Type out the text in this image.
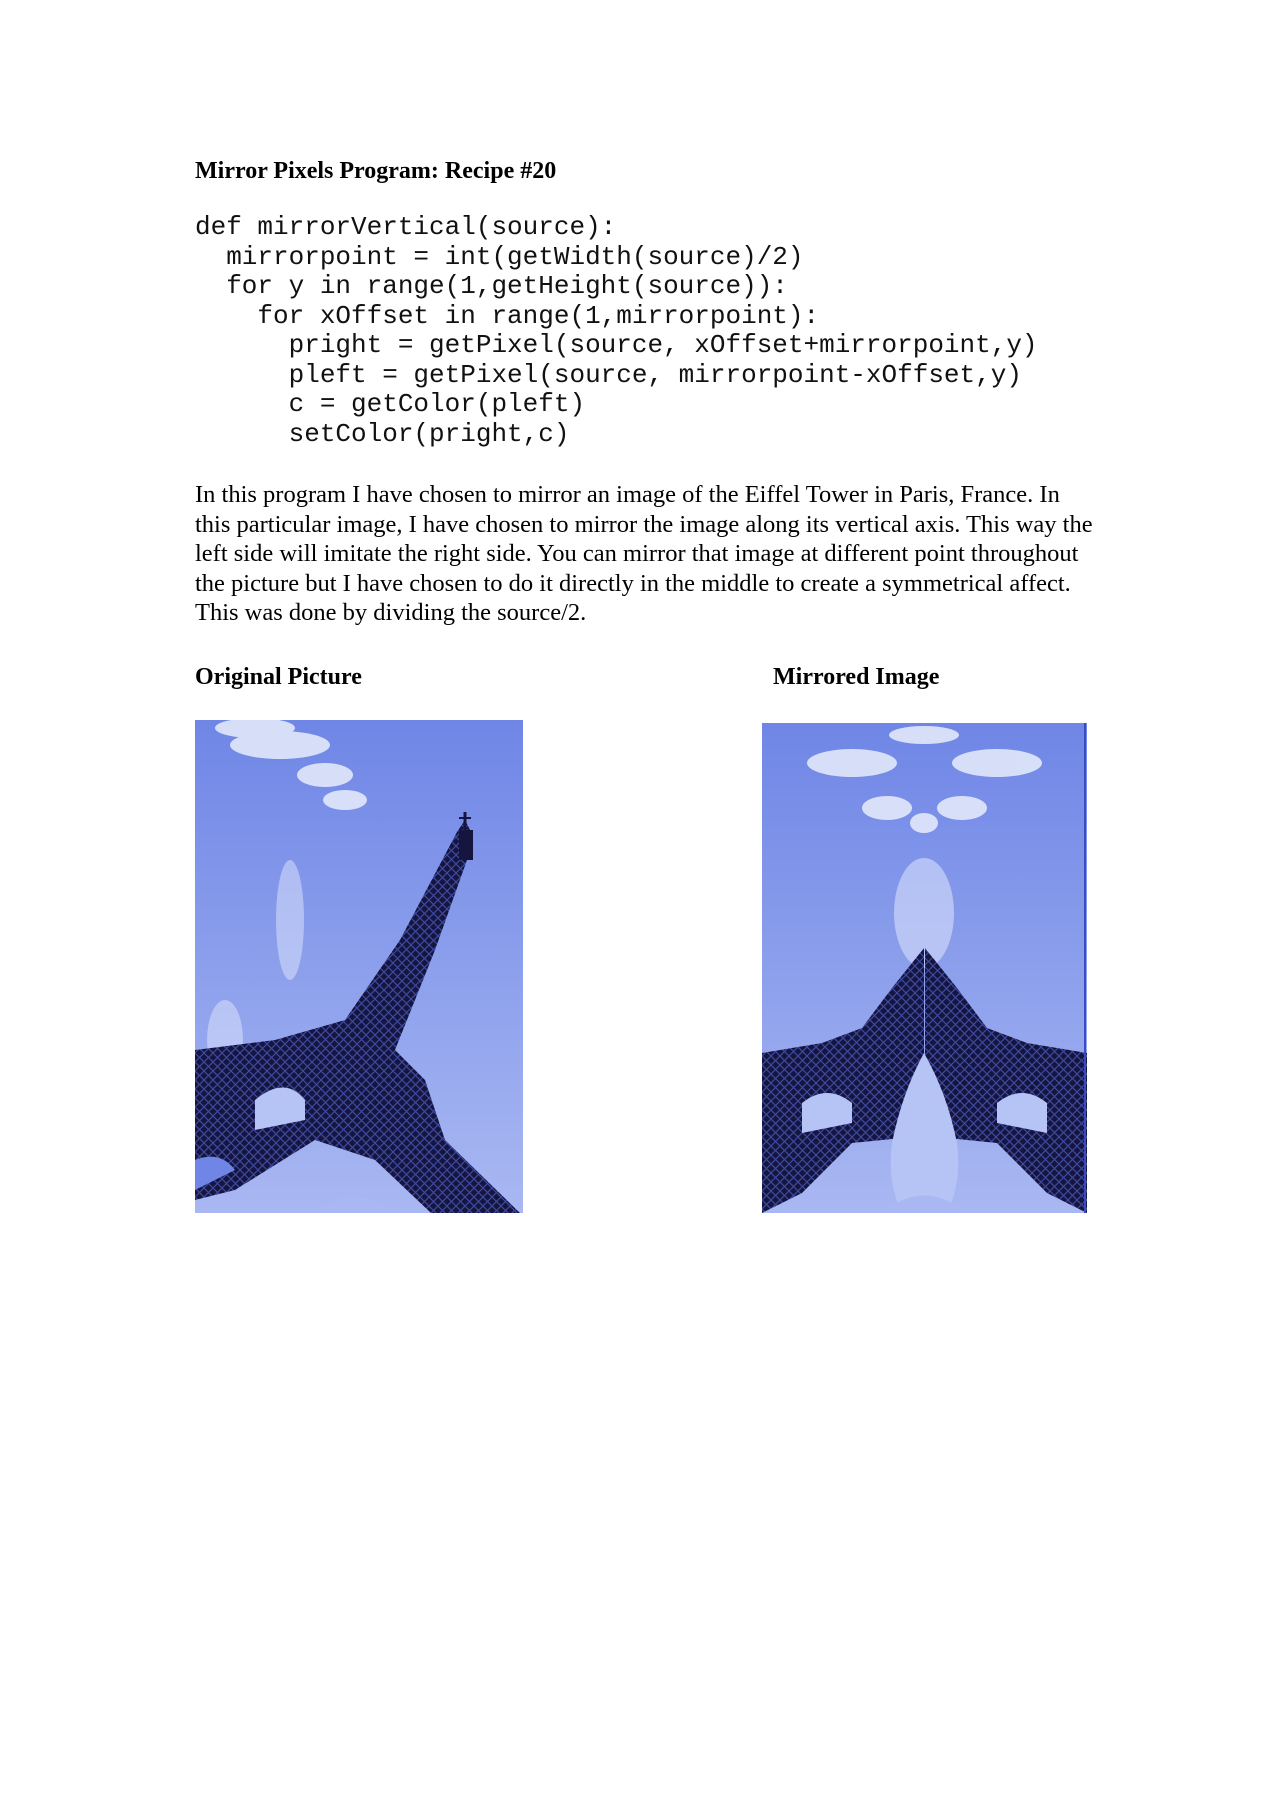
Mirror Pixels Program: Recipe #20
def mirrorVertical(source):
mirrorpoint = int(getWidth(source)/2)
for y in range(1,getHeight(source)):
for xOffset in range(1,mirrorpoint):
pright = getPixel(source, xOffset+mirrorpoint,y)
pleft = getPixel(source, mirrorpoint-xOffset,y)
c = getColor(pleft)
setColor(pright,c)

In this program I have chosen to mirror an image of the Eiffel Tower in Paris, France. In this particular image, I have chosen to mirror the image along its vertical axis. This way the left side will imitate the right side. You can mirror that image at different point throughout the picture but I have chosen to do it directly in the middle to create a symmetrical affect. This was done by dividing the source/2.

Original Picture	Mirrored Image
